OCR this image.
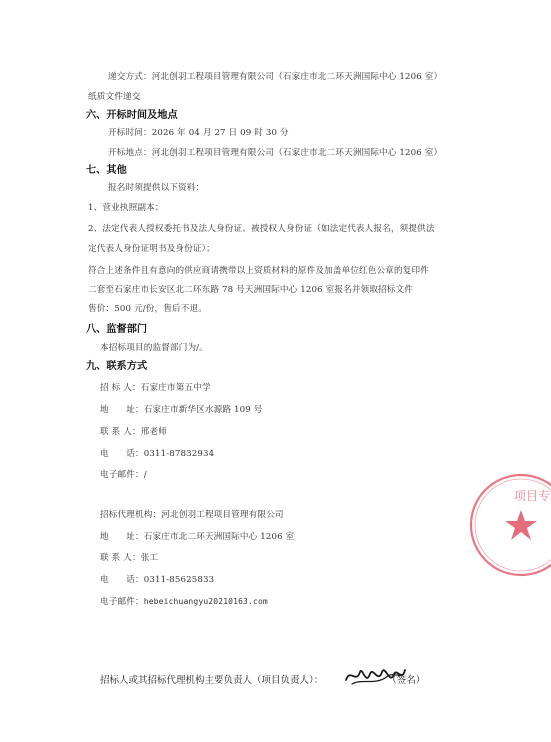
递交方式：河北创羽工程项目管理有限公司（石家庄市北二环天洲国际中心 1206 室）
纸质文件递交
六、开标时间及地点
开标时间：2026 年 04 月 27 日 09 时 30 分
开标地点：河北创羽工程项目管理有限公司（石家庄市北二环天洲国际中心 1206 室）
七、其他
报名时须提供以下资料：
1、营业执照副本；
2、法定代表人授权委托书及法人身份证、被授权人身份证（如法定代表人报名，须提供法
定代表人身份证明书及身份证）；
符合上述条件且有意向的供应商请携带以上资质材料的原件及加盖单位红色公章的复印件
二套至石家庄市长安区北二环东路 78 号天洲国际中心 1206 室报名并领取招标文件
售价：500 元/份，售后不退。
八、监督部门
本招标项目的监督部门为/。
九、联系方式
招 标 人：石家庄市第五中学
地　　址：石家庄市新华区水源路 109 号
联 系 人：邢老师
电　　话：0311-87832934
电子邮件：/
招标代理机构：河北创羽工程项目管理有限公司
地　　址：石家庄市北二环天洲国际中心 1206 室
联 系 人：张工
电　　话：0311-85625833
电子邮件：hebeichuangyu20210163.com
项目专
招标人或其招标代理机构主要负责人（项目负责人）：	（签名）
